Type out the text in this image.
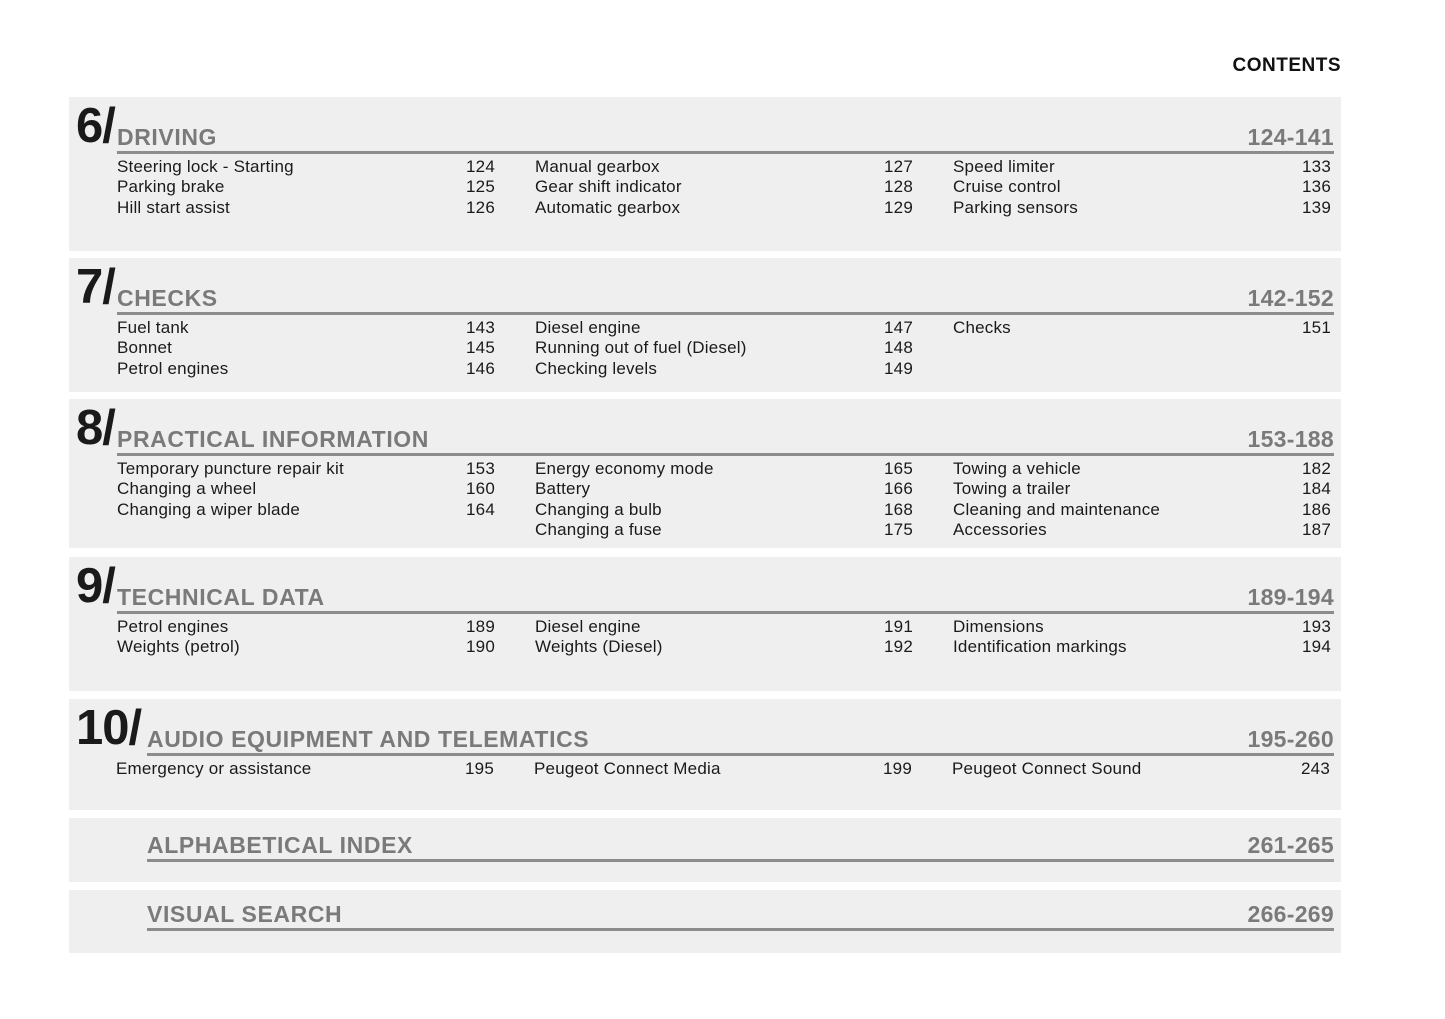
CONTENTS
6/ DRIVING	124-141
Steering lock - Starting	124
Parking brake	125
Hill start assist	126
Manual gearbox	127
Gear shift indicator	128
Automatic gearbox	129
Speed limiter	133
Cruise control	136
Parking sensors	139
7/ CHECKS	142-152
Fuel tank	143
Bonnet	145
Petrol engines	146
Diesel engine	147
Running out of fuel (Diesel)	148
Checking levels	149
Checks	151
8/ PRACTICAL INFORMATION	153-188
Temporary puncture repair kit	153
Changing a wheel	160
Changing a wiper blade	164
Energy economy mode	165
Battery	166
Changing a bulb	168
Changing a fuse	175
Towing a vehicle	182
Towing a trailer	184
Cleaning and maintenance	186
Accessories	187
9/ TECHNICAL DATA	189-194
Petrol engines	189
Weights (petrol)	190
Diesel engine	191
Weights (Diesel)	192
Dimensions	193
Identification markings	194
10/ AUDIO EQUIPMENT AND TELEMATICS	195-260
Emergency or assistance	195 Peugeot Connect Media	199 Peugeot Connect Sound	243
ALPHABETICAL INDEX	261-265
VISUAL SEARCH	266-269
